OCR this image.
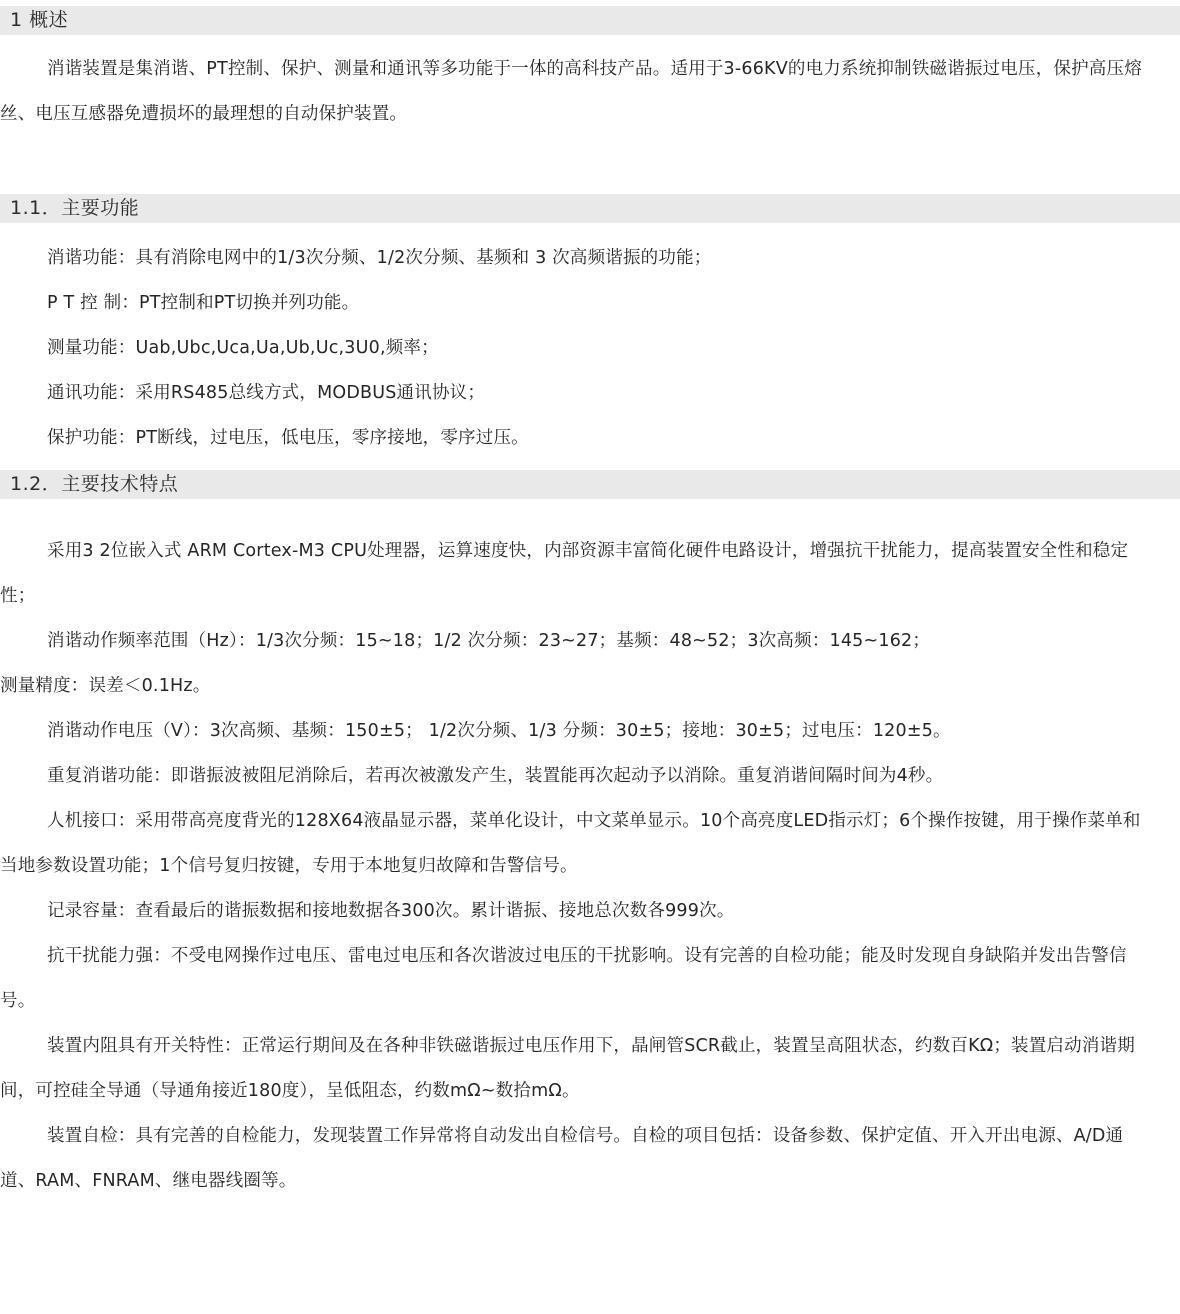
1 概述

消谐装置是集消谐、PT控制、保护、测量和通讯等多功能于一体的高科技产品。适用于3-66KV的电力系统抑制铁磁谐振过电压，保护高压熔丝、电压互感器免遭损坏的最理想的自动保护装置。

1.1．主要功能

消谐功能：具有消除电网中的1/3次分频、1/2次分频、基频和 3 次高频谐振的功能；

P T 控 制：PT控制和PT切换并列功能。

测量功能：Uab,Ubc,Uca,Ua,Ub,Uc,3U0,频率；

通讯功能：采用RS485总线方式，MODBUS通讯协议；

保护功能：PT断线，过电压，低电压，零序接地，零序过压。

1.2．主要技术特点

采用3 2位嵌入式 ARM Cortex-M3 CPU处理器，运算速度快，内部资源丰富简化硬件电路设计，增强抗干扰能力，提高装置安全性和稳定性；

消谐动作频率范围（Hz）：1/3次分频：15~18；1/2 次分频：23~27；基频：48~52；3次高频：145~162；

测量精度：误差＜0.1Hz。

消谐动作电压（V）：3次高频、基频：150±5； 1/2次分频、1/3 分频：30±5；接地：30±5；过电压：120±5。

重复消谐功能：即谐振波被阻尼消除后，若再次被激发产生，装置能再次起动予以消除。重复消谐间隔时间为4秒。

人机接口：采用带高亮度背光的128X64液晶显示器，菜单化设计，中文菜单显示。10个高亮度LED指示灯；6个操作按键，用于操作菜单和当地参数设置功能；1个信号复归按键，专用于本地复归故障和告警信号。

记录容量：查看最后的谐振数据和接地数据各300次。累计谐振、接地总次数各999次。

抗干扰能力强：不受电网操作过电压、雷电过电压和各次谐波过电压的干扰影响。设有完善的自检功能；能及时发现自身缺陷并发出告警信号。

装置内阻具有开关特性：正常运行期间及在各种非铁磁谐振过电压作用下，晶闸管SCR截止，装置呈高阻状态，约数百KΩ；装置启动消谐期间，可控硅全导通（导通角接近180度），呈低阻态，约数mΩ~数拾mΩ。

装置自检：具有完善的自检能力，发现装置工作异常将自动发出自检信号。自检的项目包括：设备参数、保护定值、开入开出电源、A/D通道、RAM、FNRAM、继电器线圈等。
